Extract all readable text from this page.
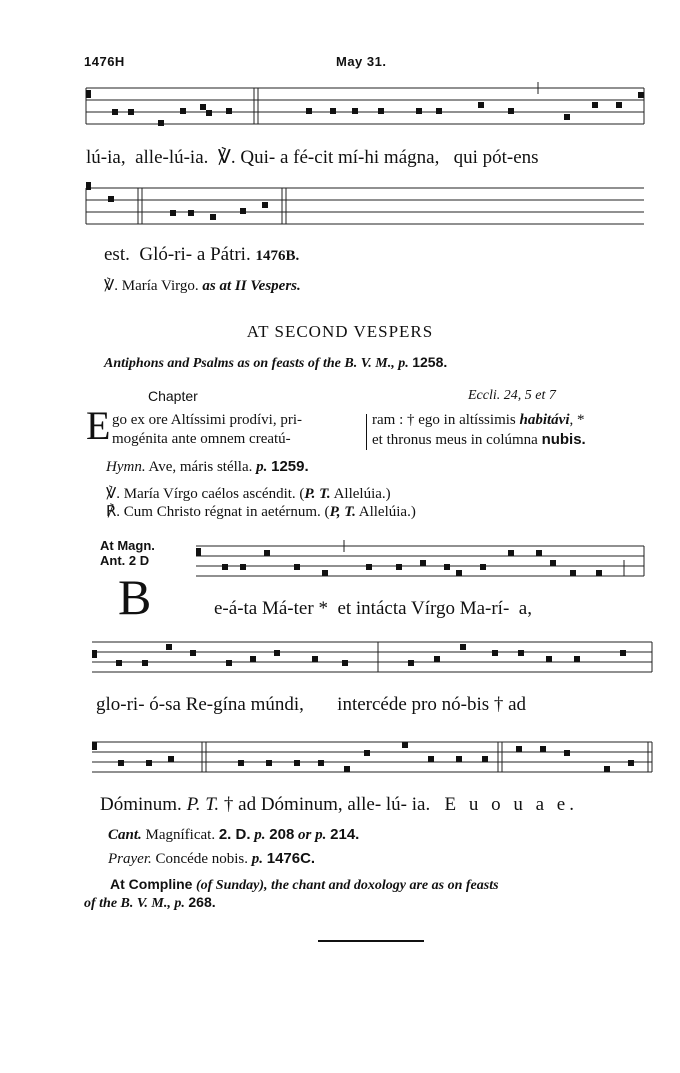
1476H	May 31.
lú-ia, alle-lú-ia. ℣. Qui- a fé-cit mí-hi mágna, qui pót-ens
est. Gló-ri- a Pátri. 1476B.
℣. María Virgo. as at II Vespers.
AT SECOND VESPERS
Antiphons and Psalms as on feasts of the B. V. M., p. 1258.
Chapter	Eccli. 24, 5 et 7
E go ex ore Altíssimi prodívi, pri-
mogénita ante omnem creatú-
ram : † ego in altíssimis habitávi, *
et thronus meus in colúmna nubis.
Hymn. Ave, máris stélla. p. 1259.
℣. María Vírgo caélos ascéndit. (P. T. Allelúia.)
℟. Cum Christo régnat in aetérnum. (P, T. Allelúia.)
At Magn.
Ant. 2 D
B	e-á-ta Má-ter * et intácta Vírgo Ma-rí- a,
glo-ri- ó-sa Re-gína múndi, intercéde pro nó-bis † ad
Dóminum. P. T. † ad Dóminum, alle- lú- ia. E u o u a e.
Cant. Magníficat. 2. D. p. 208 or p. 214.
Prayer. Concéde nobis. p. 1476C.
At Compline (of Sunday), the chant and doxology are as on feasts
of the B. V. M., p. 268.
